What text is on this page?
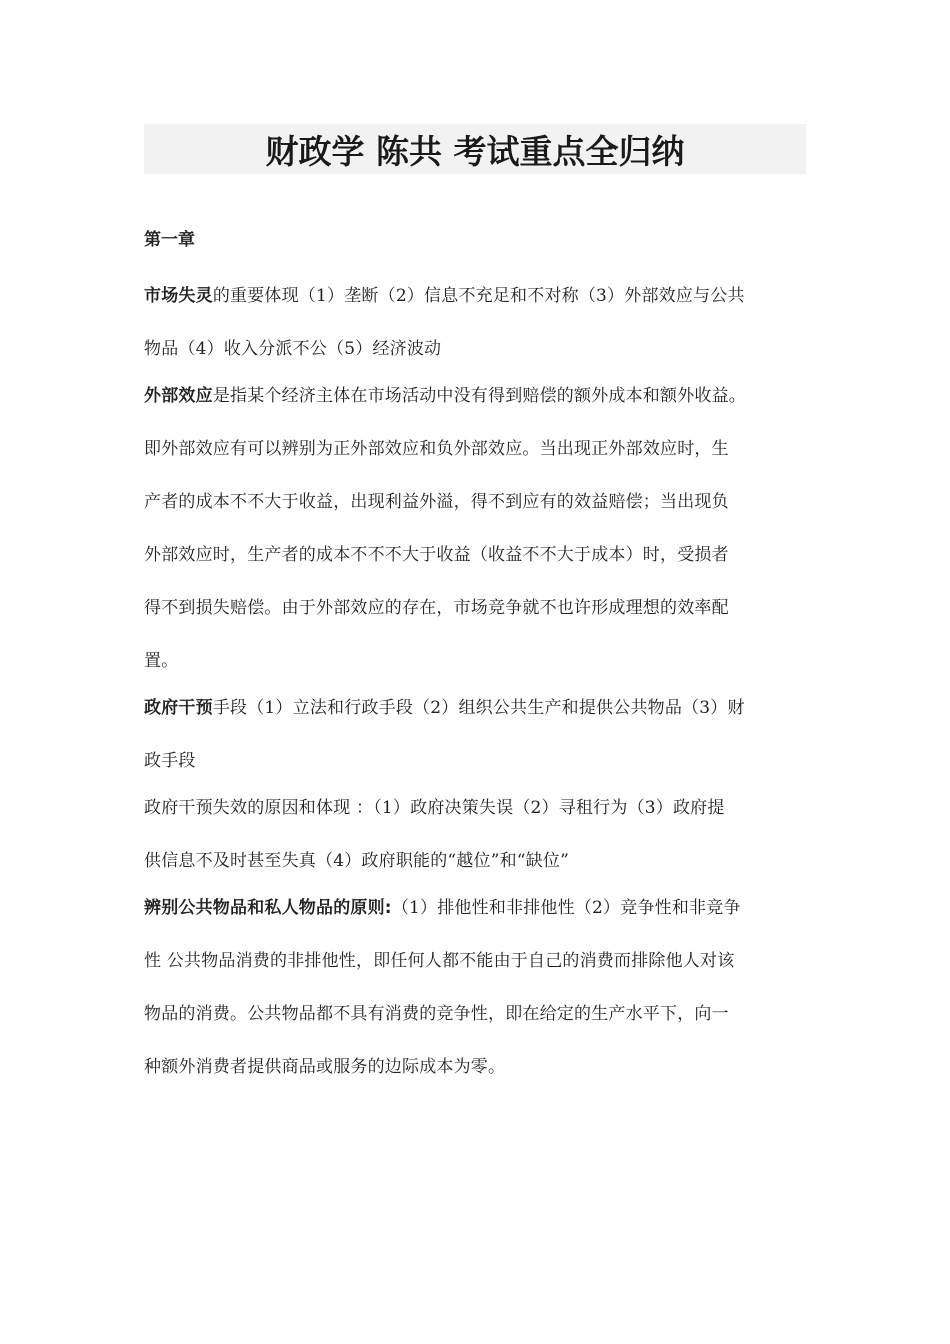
财政学 陈共 考试重点全归纳
第一章
市场失灵的重要体现（1）垄断（2）信息不充足和不对称（3）外部效应与公共
物品（4）收入分派不公（5）经济波动
外部效应是指某个经济主体在市场活动中没有得到赔偿的额外成本和额外收益。
即外部效应有可以辨别为正外部效应和负外部效应。当出现正外部效应时，生
产者的成本不不大于收益，出现利益外溢，得不到应有的效益赔偿；当出现负
外部效应时，生产者的成本不不不大于收益（收益不不大于成本）时，受损者
得不到损失赔偿。由于外部效应的存在，市场竞争就不也许形成理想的效率配
置。
政府干预手段（1）立法和行政手段（2）组织公共生产和提供公共物品（3）财
政手段
政府干预失效的原因和体现 ：（1）政府决策失误（2）寻租行为（3）政府提
供信息不及时甚至失真（4）政府职能的“越位”和“缺位”
辨别公共物品和私人物品的原则:（1）排他性和非排他性（2）竞争性和非竞争
性 公共物品消费的非排他性，即任何人都不能由于自己的消费而排除他人对该
物品的消费。公共物品都不具有消费的竞争性，即在给定的生产水平下，向一
种额外消费者提供商品或服务的边际成本为零。
